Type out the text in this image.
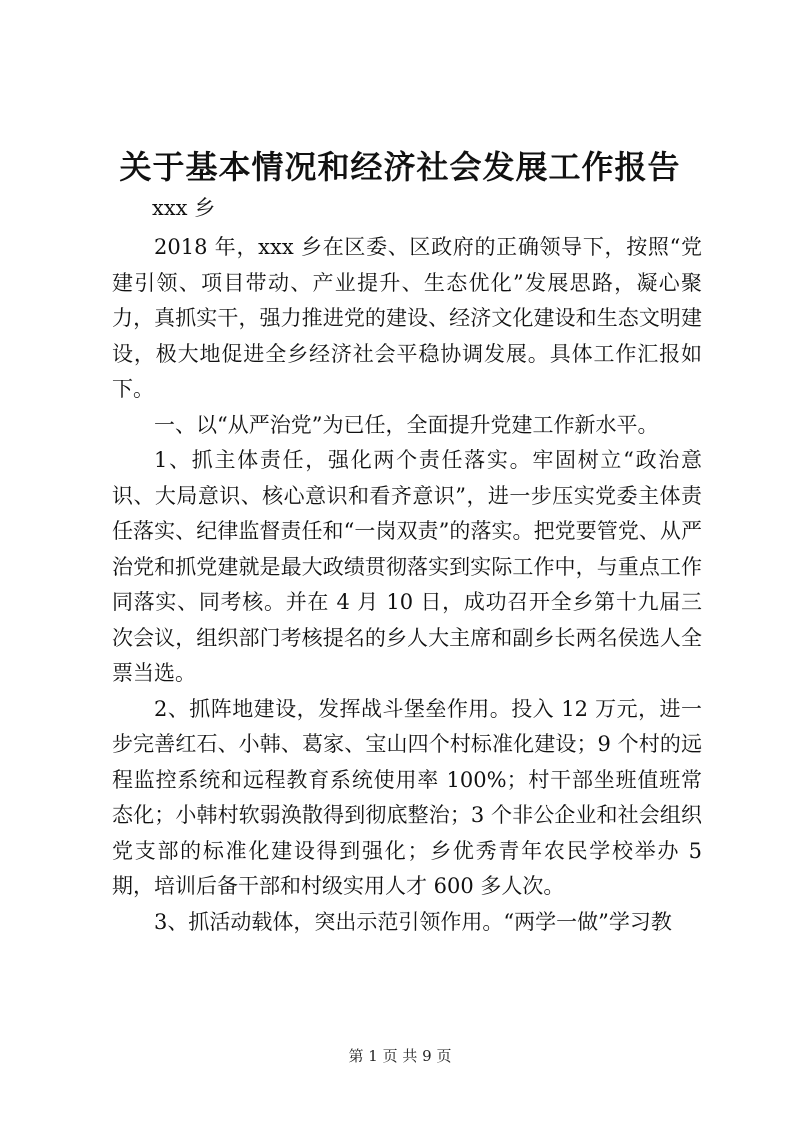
关于基本情况和经济社会发展工作报告
xxx 乡

2018 年，xxx 乡在区委、区政府的正确领导下，按照“党建引领、项目带动、产业提升、生态优化”发展思路，凝心聚力，真抓实干，强力推进党的建设、经济文化建设和生态文明建设，极大地促进全乡经济社会平稳协调发展。具体工作汇报如下。

一、以“从严治党”为已任，全面提升党建工作新水平。

1、抓主体责任，强化两个责任落实。牢固树立“政治意识、大局意识、核心意识和看齐意识”，进一步压实党委主体责任落实、纪律监督责任和“一岗双责”的落实。把党要管党、从严治党和抓党建就是最大政绩贯彻落实到实际工作中，与重点工作同落实、同考核。并在 4 月 10 日，成功召开全乡第十九届三次会议，组织部门考核提名的乡人大主席和副乡长两名侯选人全票当选。

2、抓阵地建设，发挥战斗堡垒作用。投入 12 万元，进一步完善红石、小韩、葛家、宝山四个村标准化建设；9 个村的远程监控系统和远程教育系统使用率 100%；村干部坐班值班常态化；小韩村软弱涣散得到彻底整治；3 个非公企业和社会组织党支部的标准化建设得到强化；乡优秀青年农民学校举办 5 期，培训后备干部和村级实用人才 600 多人次。

3、抓活动载体，突出示范引领作用。“两学一做”学习教

第 1 页 共 9 页
